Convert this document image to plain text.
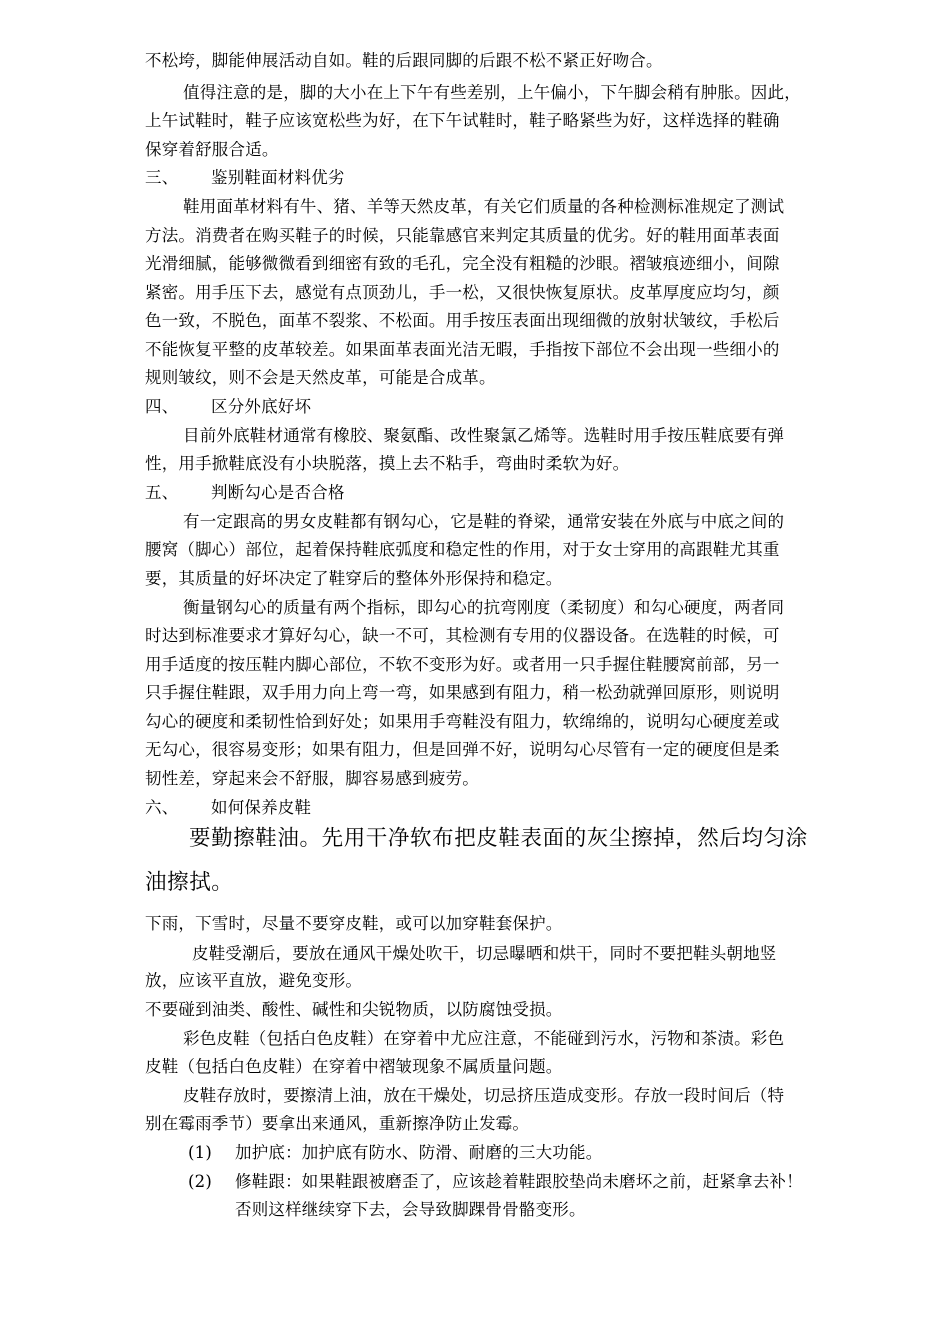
不松垮，脚能伸展活动自如。鞋的后跟同脚的后跟不松不紧正好吻合。
值得注意的是，脚的大小在上下午有些差别，上午偏小，下午脚会稍有肿胀。因此，
上午试鞋时，鞋子应该宽松些为好，在下午试鞋时，鞋子略紧些为好，这样选择的鞋确
保穿着舒服合适。
三、 鉴别鞋面材料优劣
鞋用面革材料有牛、猪、羊等天然皮革，有关它们质量的各种检测标准规定了测试
方法。消费者在购买鞋子的时候，只能靠感官来判定其质量的优劣。好的鞋用面革表面
光滑细腻，能够微微看到细密有致的毛孔，完全没有粗糙的沙眼。褶皱痕迹细小，间隙
紧密。用手压下去，感觉有点顶劲儿，手一松，又很快恢复原状。皮革厚度应均匀，颜
色一致，不脱色，面革不裂浆、不松面。用手按压表面出现细微的放射状皱纹，手松后
不能恢复平整的皮革较差。如果面革表面光洁无暇，手指按下部位不会出现一些细小的
规则皱纹，则不会是天然皮革，可能是合成革。
四、 区分外底好坏
目前外底鞋材通常有橡胶、聚氨酯、改性聚氯乙烯等。选鞋时用手按压鞋底要有弹
性，用手掀鞋底没有小块脱落，摸上去不粘手，弯曲时柔软为好。
五、 判断勾心是否合格
有一定跟高的男女皮鞋都有钢勾心，它是鞋的脊梁，通常安装在外底与中底之间的
腰窝（脚心）部位，起着保持鞋底弧度和稳定性的作用，对于女士穿用的高跟鞋尤其重
要，其质量的好坏决定了鞋穿后的整体外形保持和稳定。
衡量钢勾心的质量有两个指标，即勾心的抗弯刚度（柔韧度）和勾心硬度，两者同
时达到标准要求才算好勾心，缺一不可，其检测有专用的仪器设备。在选鞋的时候，可
用手适度的按压鞋内脚心部位，不软不变形为好。或者用一只手握住鞋腰窝前部，另一
只手握住鞋跟，双手用力向上弯一弯，如果感到有阻力，稍一松劲就弹回原形，则说明
勾心的硬度和柔韧性恰到好处；如果用手弯鞋没有阻力，软绵绵的，说明勾心硬度差或
无勾心，很容易变形；如果有阻力，但是回弹不好，说明勾心尽管有一定的硬度但是柔
韧性差，穿起来会不舒服，脚容易感到疲劳。
六、 如何保养皮鞋
要勤擦鞋油。先用干净软布把皮鞋表面的灰尘擦掉，然后均匀涂
油擦拭。
下雨，下雪时，尽量不要穿皮鞋，或可以加穿鞋套保护。
皮鞋受潮后，要放在通风干燥处吹干，切忌曝晒和烘干，同时不要把鞋头朝地竖
放，应该平直放，避免变形。
不要碰到油类、酸性、碱性和尖锐物质，以防腐蚀受损。
彩色皮鞋（包括白色皮鞋）在穿着中尤应注意，不能碰到污水，污物和茶渍。彩色
皮鞋（包括白色皮鞋）在穿着中褶皱现象不属质量问题。
皮鞋存放时，要擦清上油，放在干燥处，切忌挤压造成变形。存放一段时间后（特
别在霉雨季节）要拿出来通风，重新擦净防止发霉。
(1) 加护底：加护底有防水、防滑、耐磨的三大功能。
(2) 修鞋跟：如果鞋跟被磨歪了，应该趁着鞋跟胶垫尚未磨坏之前，赶紧拿去补！
否则这样继续穿下去，会导致脚踝骨骨骼变形。
